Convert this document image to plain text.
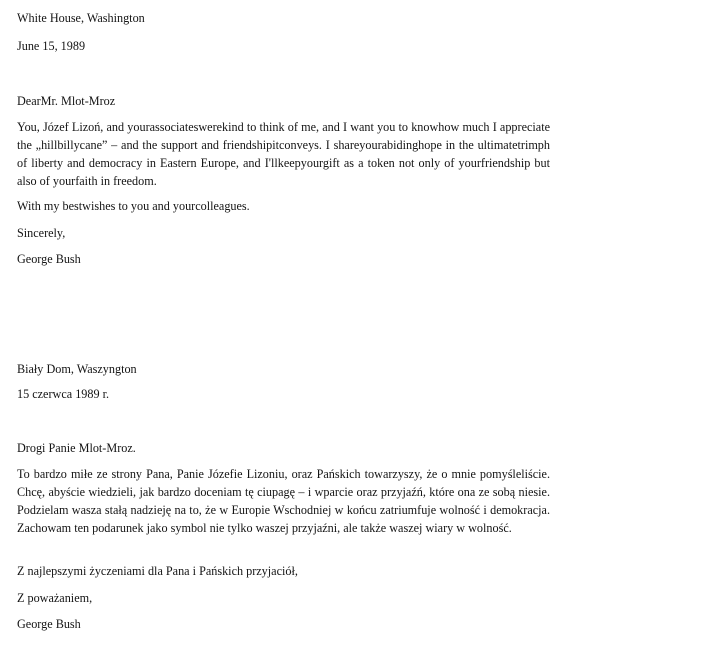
White House, Washington
June 15, 1989
DearMr. Mlot-Mroz
You, Józef Lizoń, and yourassociateswerekind to think of me, and I want you to knowhow much I appreciate the „hillbillycane” – and the support and friendshipitconveys. I shareyourabidinghope in the ultimatetrimph of liberty and democracy in Eastern Europe, and I'llkeepyourgift as a token not only of yourfriendship but also of yourfaith in freedom.
With my bestwishes to you and yourcolleagues.
Sincerely,
George Bush
Biały Dom, Waszyngton
15 czerwca 1989 r.
Drogi Panie Mlot-Mroz.
To bardzo miłe ze strony Pana, Panie Józefie Lizoniu, oraz Pańskich towarzyszy, że o mnie pomyśleliście. Chcę, abyście wiedzieli, jak bardzo doceniam tę ciupagę – i wparcie oraz przyjaźń, które ona ze sobą niesie. Podzielam wasza stałą nadzieję na to, że w Europie Wschodniej w końcu zatriumfuje wolność i demokracja. Zachowam ten podarunek jako symbol nie tylko waszej przyjaźni, ale także waszej wiary w wolność.
Z najlepszymi życzeniami dla Pana i Pańskich przyjaciół,
Z poważaniem,
George Bush
